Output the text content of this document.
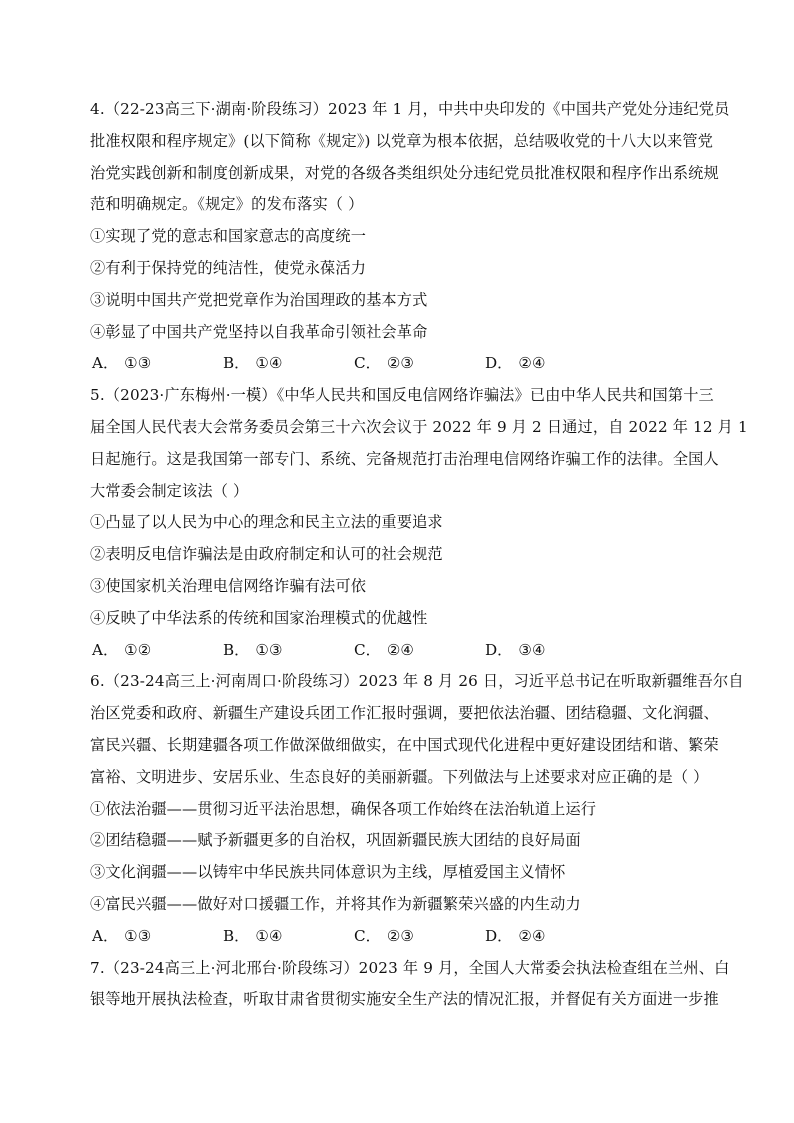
4.（22-23高三下·湖南·阶段练习）2023 年 1 月，中共中央印发的《中国共产党处分违纪党员
批准权限和程序规定》(以下简称《规定》) 以党章为根本依据，总结吸收党的十八大以来管党
治党实践创新和制度创新成果，对党的各级各类组织处分违纪党员批准权限和程序作出系统规
范和明确规定。《规定》的发布落实（ ）
①实现了党的意志和国家意志的高度统一
②有利于保持党的纯洁性，使党永葆活力
③说明中国共产党把党章作为治国理政的基本方式
④彰显了中国共产党坚持以自我革命引领社会革命
A． ①③	B． ①④	C． ②③	D． ②④
5.（2023·广东梅州·一模）《中华人民共和国反电信网络诈骗法》已由中华人民共和国第十三
届全国人民代表大会常务委员会第三十六次会议于 2022 年 9 月 2 日通过，自 2022 年 12 月 1
日起施行。这是我国第一部专门、系统、完备规范打击治理电信网络诈骗工作的法律。全国人
大常委会制定该法（ ）
①凸显了以人民为中心的理念和民主立法的重要追求
②表明反电信诈骗法是由政府制定和认可的社会规范
③使国家机关治理电信网络诈骗有法可依
④反映了中华法系的传统和国家治理模式的优越性
A． ①②	B． ①③	C． ②④	D． ③④
6.（23-24高三上·河南周口·阶段练习）2023 年 8 月 26 日，习近平总书记在听取新疆维吾尔自
治区党委和政府、新疆生产建设兵团工作汇报时强调，要把依法治疆、团结稳疆、文化润疆、
富民兴疆、长期建疆各项工作做深做细做实，在中国式现代化进程中更好建设团结和谐、繁荣
富裕、文明进步、安居乐业、生态良好的美丽新疆。下列做法与上述要求对应正确的是（ ）
①依法治疆——贯彻习近平法治思想，确保各项工作始终在法治轨道上运行
②团结稳疆——赋予新疆更多的自治权，巩固新疆民族大团结的良好局面
③文化润疆——以铸牢中华民族共同体意识为主线，厚植爱国主义情怀
④富民兴疆——做好对口援疆工作，并将其作为新疆繁荣兴盛的内生动力
A． ①③	B． ①④	C． ②③	D． ②④
7.（23-24高三上·河北邢台·阶段练习）2023 年 9 月，全国人大常委会执法检查组在兰州、白
银等地开展执法检查，听取甘肃省贯彻实施安全生产法的情况汇报，并督促有关方面进一步推
